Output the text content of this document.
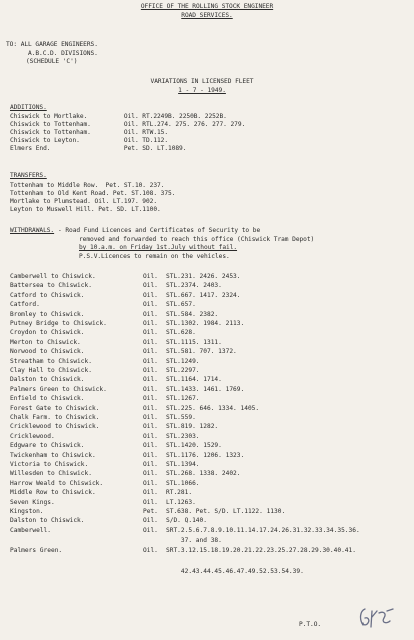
OFFICE OF THE ROLLING STOCK ENGINEER
ROAD SERVICES.
TO: ALL GARAGE ENGINEERS.
A.B.C.D. DIVISIONS.
(SCHEDULE 'C')
VARIATIONS IN LICENSED FLEET
1 - 7 - 1949.
ADDITIONS.
Chiswick to Mortlake.          Oil. RT.2249B. 2250B. 2252B.
Chiswick to Tottenham.         Oil. RTL.274. 275. 276. 277. 279.
Chiswick to Tottenham.         Oil. RTW.15.
Chiswick to Leyton.            Oil. TD.112.
Elmers End.                    Pet. SD. LT.1089.
TRANSFERS.
Tottenham to Middle Row.  Pet. ST.10. 237.
Tottenham to Old Kent Road. Pet. ST.108. 375.
Mortlake to Plumstead. Oil. LT.197. 902.
Leyton to Muswell Hill. Pet. SD. LT.1100.
WITHDRAWALS. - Road Fund Licences and Certificates of Security to be
removed and forwarded to reach this office (Chiswick Tram Depot)
by 10.a.m. on Friday 1st.July without fail.
P.S.V.Licences to remain on the vehicles.
Camberwell to Chiswick.	Oil. STL.231. 2426. 2453.
Battersea to Chiswick.	Oil. STL.2374. 2403.
Catford to Chiswick.	Oil. STL.667. 1417. 2324.
Catford.	Oil. STL.657.
Bromley to Chiswick.	Oil. STL.584. 2382.
Putney Bridge to Chiswick.	Oil. STL.1302. 1984. 2113.
Croydon to Chiswick.	Oil. STL.628.
Merton to Chiswick.	Oil. STL.1115. 1311.
Norwood to Chiswick.	Oil. STL.581. 707. 1372.
Streatham to Chiswick.	Oil. STL.1249.
Clay Hall to Chiswick.	Oil. STL.2297.
Dalston to Chiswick.	Oil. STL.1164. 1714.
Palmers Green to Chiswick.	Oil. STL.1433. 1461. 1769.
Enfield to Chiswick.	Oil. STL.1267.
Forest Gate to Chiswick.	Oil. STL.225. 646. 1334. 1405.
Chalk Farm. to Chiswick.	Oil. STL.559.
Cricklewood to Chiswick.	Oil. STL.819. 1282.
Cricklewood.	Oil. STL.2303.
Edgware to Chiswick.	Oil. STL.1420. 1529.
Twickenham to Chiswick.	Oil. STL.1176. 1206. 1323.
Victoria to Chiswick.	Oil. STL.1394.
Willesden to Chiswick.	Oil. STL.268. 1338. 2402.
Harrow Weald to Chiswick.	Oil. STL.1066.
Middle Row to Chiswick.	Oil. RT.281.
Seven Kings.	Oil. LT.1263.
Kingston.	Pet. ST.638. Pet. S/D. LT.1122. 1130.
Dalston to Chiswick.	Oil. S/D. Q.140.
Camberwell.	Oil. SRT.2.5.6.7.8.9.10.11.14.17.24.26.31.32.33.34.35.36.
37. and 38.
Palmers Green.	Oil. SRT.3.12.15.18.19.20.21.22.23.25.27.28.29.30.40.41.
42.43.44.45.46.47.49.52.53.54.39.
P.T.O.
